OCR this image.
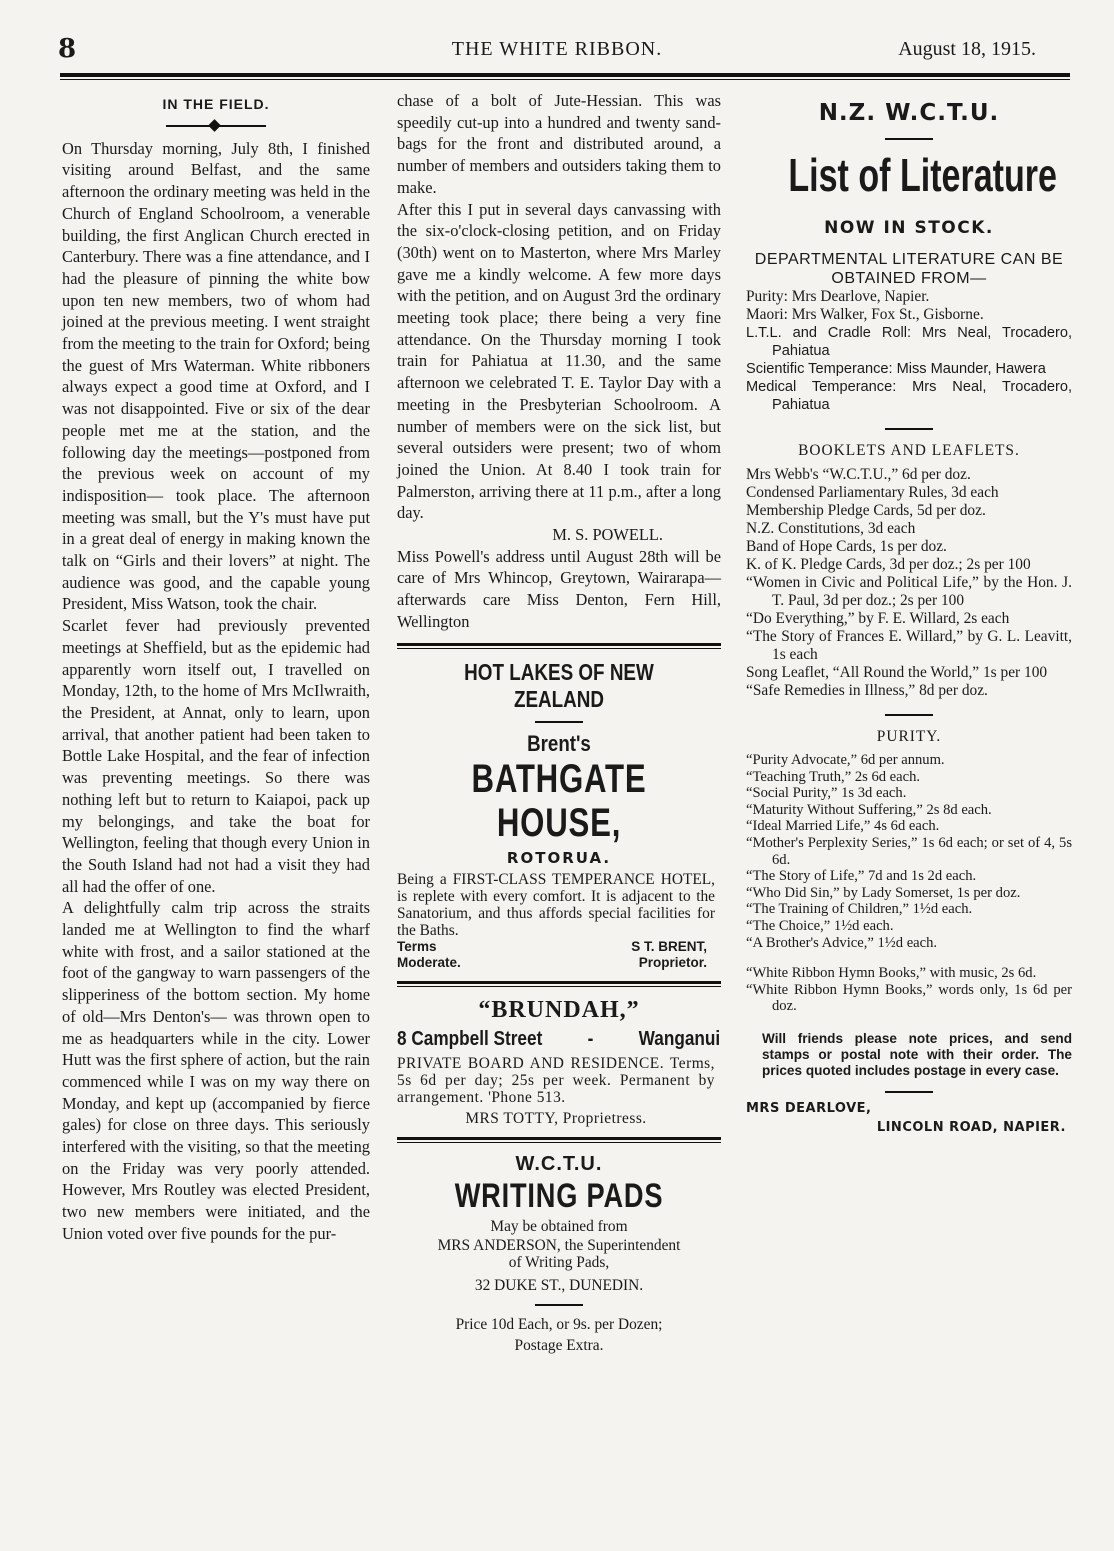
8	THE WHITE RIBBON.	August 18, 1915.
IN THE FIELD.

On Thursday morning, July 8th, I finished visiting around Belfast, and the same afternoon the ordinary meeting was held in the Church of England Schoolroom, a venerable building, the first Anglican Church erected in Canterbury. There was a fine attendance, and I had the pleasure of pinning the white bow upon ten new members, two of whom had joined at the previous meeting. I went straight from the meeting to the train for Oxford; being the guest of Mrs Waterman. White ribboners always expect a good time at Oxford, and I was not disappointed. Five or six of the dear people met me at the station, and the following day the meetings—postponed from the previous week on account of my indisposition— took place. The afternoon meeting was small, but the Y's must have put in a great deal of energy in making known the talk on “Girls and their lovers” at night. The audience was good, and the capable young President, Miss Watson, took the chair.

Scarlet fever had previously prevented meetings at Sheffield, but as the epidemic had apparently worn itself out, I travelled on Monday, 12th, to the home of Mrs McIlwraith, the President, at Annat, only to learn, upon arrival, that another patient had been taken to Bottle Lake Hospital, and the fear of infection was preventing meetings. So there was nothing left but to return to Kaiapoi, pack up my belongings, and take the boat for Wellington, feeling that though every Union in the South Island had not had a visit they had all had the offer of one.

A delightfully calm trip across the straits landed me at Wellington to find the wharf white with frost, and a sailor stationed at the foot of the gangway to warn passengers of the slipperiness of the bottom section. My home of old—Mrs Denton's— was thrown open to me as headquarters while in the city. Lower Hutt was the first sphere of action, but the rain commenced while I was on my way there on Monday, and kept up (accompanied by fierce gales) for close on three days. This seriously interfered with the visiting, so that the meeting on the Friday was very poorly attended. However, Mrs Routley was elected President, two new members were initiated, and the Union voted over five pounds for the pur-

chase of a bolt of Jute-Hessian. This was speedily cut-up into a hundred and twenty sand-bags for the front and distributed around, a number of members and outsiders taking them to make.

After this I put in several days canvassing with the six-o'clock-closing petition, and on Friday (30th) went on to Masterton, where Mrs Marley gave me a kindly welcome. A few more days with the petition, and on August 3rd the ordinary meeting took place; there being a very fine attendance. On the Thursday morning I took train for Pahiatua at 11.30, and the same afternoon we celebrated T. E. Taylor Day with a meeting in the Presbyterian Schoolroom. A number of members were on the sick list, but several outsiders were present; two of whom joined the Union. At 8.40 I took train for Palmerston, arriving there at 11 p.m., after a long day.

M. S. POWELL.

Miss Powell's address until August 28th will be care of Mrs Whincop, Greytown, Wairarapa—afterwards care Miss Denton, Fern Hill, Wellington

HOT LAKES OF NEW ZEALAND
Brent's
BATHGATE HOUSE,
ROTORUA.
Being a FIRST-CLASS TEMPERANCE HOTEL, is replete with every comfort. It is adjacent to the Sanatorium, and thus affords special facilities for the Baths.
Terms	S T. BRENT,
Moderate.	Proprietor.
“BRUNDAH,”
8 Campbell Street - Wanganui
PRIVATE BOARD AND RESIDENCE. Terms, 5s 6d per day; 25s per week. Permanent by arrangement. 'Phone 513.
MRS TOTTY, Proprietress.
W.C.T.U.
WRITING PADS
May be obtained from
MRS ANDERSON, the Superintendent of Writing Pads,
32 DUKE ST., DUNEDIN.
Price 10d Each, or 9s. per Dozen;
Postage Extra.
N.Z. W.C.T.U.
List of Literature
NOW IN STOCK.
DEPARTMENTAL LITERATURE CAN BE OBTAINED FROM—
Purity: Mrs Dearlove, Napier.
Maori: Mrs Walker, Fox St., Gisborne.
L.T.L. and Cradle Roll: Mrs Neal, Trocadero, Pahiatua
Scientific Temperance: Miss Maunder, Hawera
Medical Temperance: Mrs Neal, Trocadero, Pahiatua
BOOKLETS AND LEAFLETS.
Mrs Webb's “W.C.T.U.,” 6d per doz.
Condensed Parliamentary Rules, 3d each
Membership Pledge Cards, 5d per doz.
N.Z. Constitutions, 3d each
Band of Hope Cards, 1s per doz.
K. of K. Pledge Cards, 3d per doz.; 2s per 100
“Women in Civic and Political Life,” by the Hon. J. T. Paul, 3d per doz.; 2s per 100
“Do Everything,” by F. E. Willard, 2s each
“The Story of Frances E. Willard,” by G. L. Leavitt, 1s each
Song Leaflet, “All Round the World,” 1s per 100
“Safe Remedies in Illness,” 8d per doz.
PURITY.
“Purity Advocate,” 6d per annum.
“Teaching Truth,” 2s 6d each.
“Social Purity,” 1s 3d each.
“Maturity Without Suffering,” 2s 8d each.
“Ideal Married Life,” 4s 6d each.
“Mother's Perplexity Series,” 1s 6d each; or set of 4, 5s 6d.
“The Story of Life,” 7d and 1s 2d each.
“Who Did Sin,” by Lady Somerset, 1s per doz.
“The Training of Children,” 1½d each.
“The Choice,” 1½d each.
“A Brother's Advice,” 1½d each.
“White Ribbon Hymn Books,” with music, 2s 6d.
“White Ribbon Hymn Books,” words only, 1s 6d per doz.
Will friends please note prices, and send stamps or postal note with their order. The prices quoted includes postage in every case.
MRS DEARLOVE,
LINCOLN ROAD, NAPIER.
